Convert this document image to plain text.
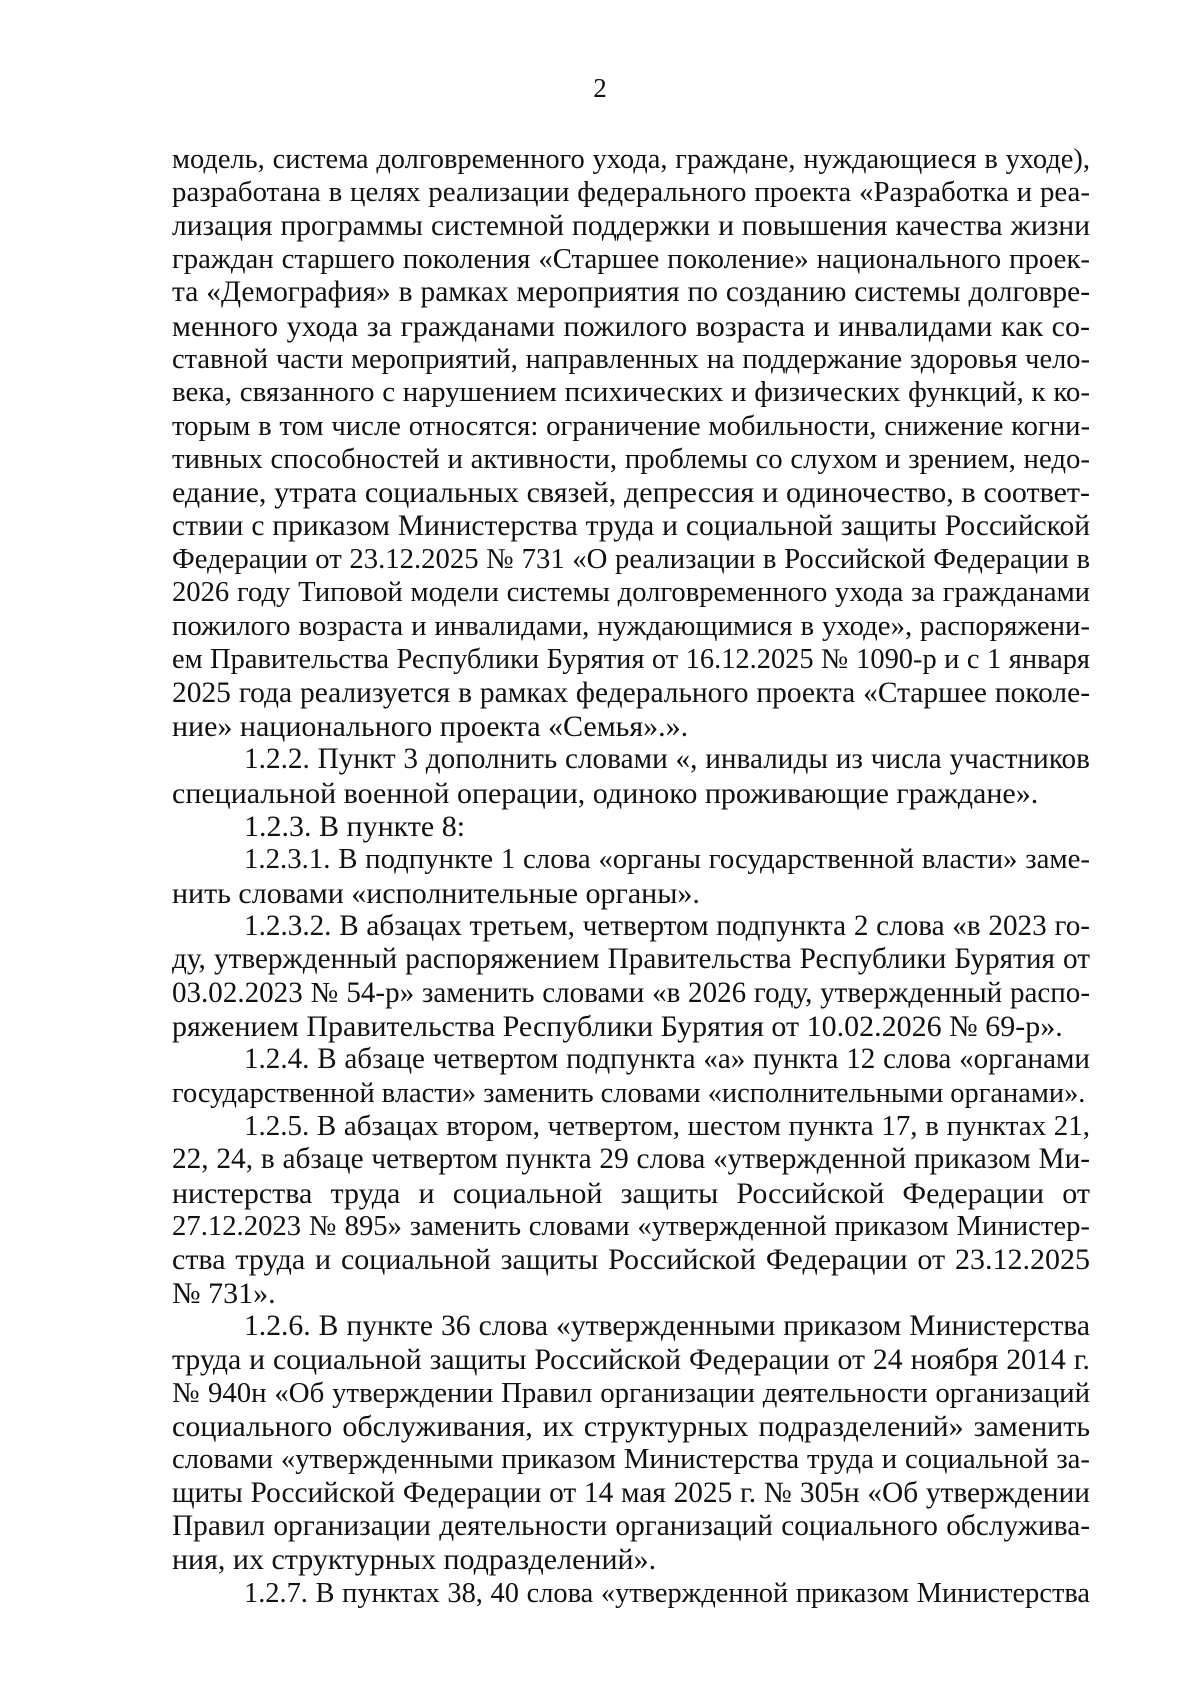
2
модель, система долговременного ухода, граждане, нуждающиеся в уходе),
разработана в целях реализации федерального проекта «Разработка и реа-
лизация программы системной поддержки и повышения качества жизни
граждан старшего поколения «Старшее поколение» национального проек-
та «Демография» в рамках мероприятия по созданию системы долговре-
менного ухода за гражданами пожилого возраста и инвалидами как со-
ставной части мероприятий, направленных на поддержание здоровья чело-
века, связанного с нарушением психических и физических функций, к ко-
торым в том числе относятся: ограничение мобильности, снижение когни-
тивных способностей и активности, проблемы со слухом и зрением, недо-
едание, утрата социальных связей, депрессия и одиночество, в соответ-
ствии с приказом Министерства труда и социальной защиты Российской
Федерации от 23.12.2025 № 731 «О реализации в Российской Федерации в
2026 году Типовой модели системы долговременного ухода за гражданами
пожилого возраста и инвалидами, нуждающимися в уходе», распоряжени-
ем Правительства Республики Бурятия от 16.12.2025 № 1090-р и с 1 января
2025 года реализуется в рамках федерального проекта «Старшее поколе-
ние» национального проекта «Семья».».
1.2.2. Пункт 3 дополнить словами «, инвалиды из числа участников
специальной военной операции, одиноко проживающие граждане».
1.2.3. В пункте 8:
1.2.3.1. В подпункте 1 слова «органы государственной власти» заме-
нить словами «исполнительные органы».
1.2.3.2. В абзацах третьем, четвертом подпункта 2 слова «в 2023 го-
ду, утвержденный распоряжением Правительства Республики Бурятия от
03.02.2023 № 54-р» заменить словами «в 2026 году, утвержденный распо-
ряжением Правительства Республики Бурятия от 10.02.2026 № 69-р».
1.2.4. В абзаце четвертом подпункта «а» пункта 12 слова «органами
государственной власти» заменить словами «исполнительными органами».
1.2.5. В абзацах втором, четвертом, шестом пункта 17, в пунктах 21,
22, 24, в абзаце четвертом пункта 29 слова «утвержденной приказом Ми-
нистерства труда и социальной защиты Российской Федерации от
27.12.2023 № 895» заменить словами «утвержденной приказом Министер-
ства труда и социальной защиты Российской Федерации от 23.12.2025
№ 731».
1.2.6. В пункте 36 слова «утвержденными приказом Министерства
труда и социальной защиты Российской Федерации от 24 ноября 2014 г.
№ 940н «Об утверждении Правил организации деятельности организаций
социального обслуживания, их структурных подразделений» заменить
словами «утвержденными приказом Министерства труда и социальной за-
щиты Российской Федерации от 14 мая 2025 г. № 305н «Об утверждении
Правил организации деятельности организаций социального обслужива-
ния, их структурных подразделений».
1.2.7. В пунктах 38, 40 слова «утвержденной приказом Министерства
